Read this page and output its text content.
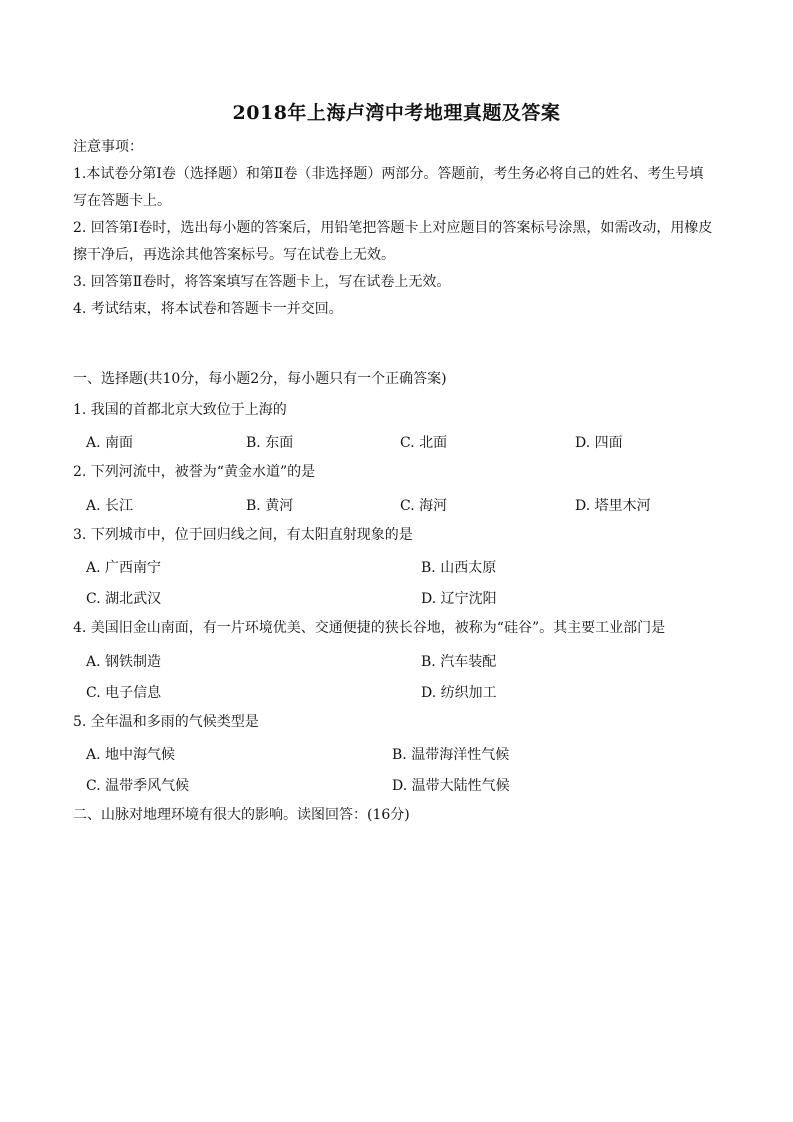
2018年上海卢湾中考地理真题及答案
注意事项：
1.本试卷分第Ⅰ卷（选择题）和第Ⅱ卷（非选择题）两部分。答题前，考生务必将自己的姓名、考生号填
写在答题卡上。
2. 回答第Ⅰ卷时，选出每小题的答案后，用铅笔把答题卡上对应题目的答案标号涂黑，如需改动，用橡皮
擦干净后，再选涂其他答案标号。写在试卷上无效。
3. 回答第Ⅱ卷时，将答案填写在答题卡上，写在试卷上无效。
4. 考试结束，将本试卷和答题卡一并交回。
一、选择题(共10分，每小题2分，每小题只有一个正确答案)
1. 我国的首都北京大致位于上海的
A. 南面	B. 东面	C. 北面	D. 四面
2. 下列河流中，被誉为“黄金水道”的是
A. 长江	B. 黄河	C. 海河	D. 塔里木河
3. 下列城市中，位于回归线之间，有太阳直射现象的是
A. 广西南宁	B. 山西太原
C. 湖北武汉	D. 辽宁沈阳
4. 美国旧金山南面，有一片环境优美、交通便捷的狭长谷地，被称为“硅谷”。其主要工业部门是
A. 钢铁制造	B. 汽车装配
C. 电子信息	D. 纺织加工
5. 全年温和多雨的气候类型是
A. 地中海气候	B. 温带海洋性气候
C. 温带季风气候	D. 温带大陆性气候
二、山脉对地理环境有很大的影响。读图回答：(16分)
